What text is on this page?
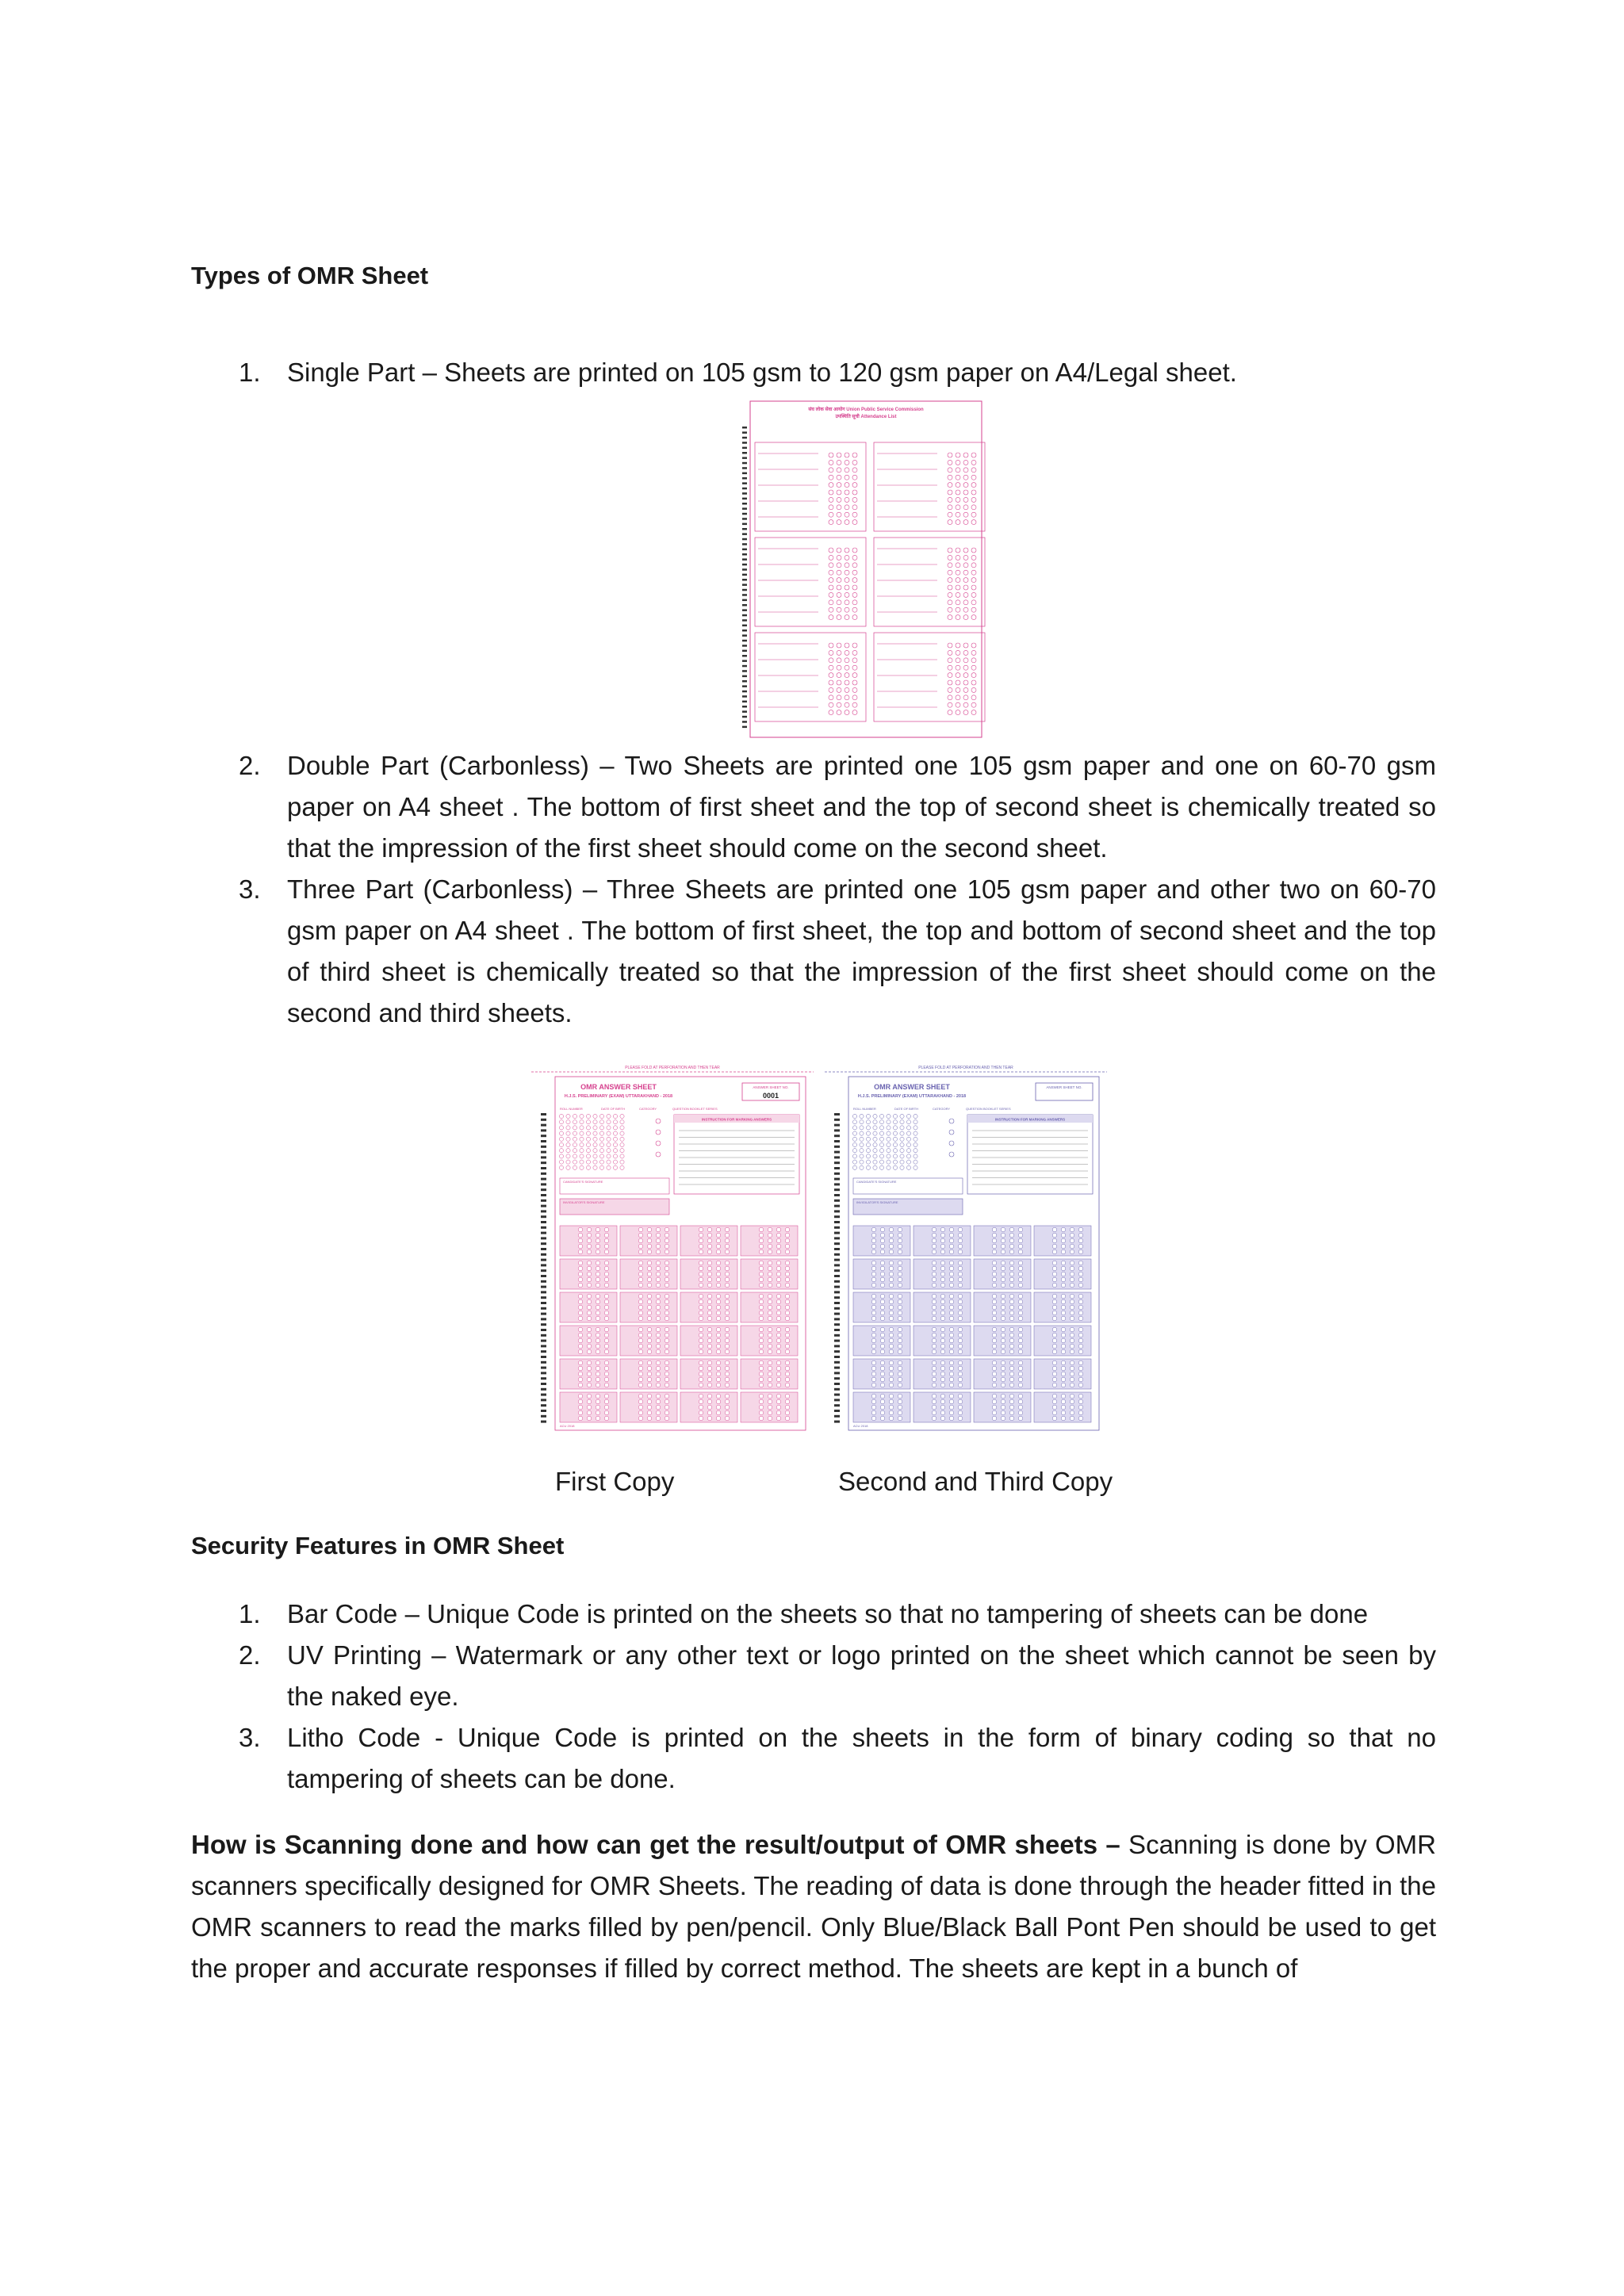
Types of OMR Sheet
1. Single Part – Sheets are printed on 105 gsm to 120 gsm paper on A4/Legal sheet.
संघ लोक सेवा आयोग Union Public Service Commission
उपस्थिति सूची Attendance List
2. Double Part (Carbonless) – Two Sheets are printed one 105 gsm paper and one on 60-70 gsm paper on A4 sheet . The bottom of first sheet and the top of second sheet is chemically treated so that the impression of the first sheet should come on the second sheet.
3. Three Part (Carbonless) – Three Sheets are printed one 105 gsm paper and other two on 60-70 gsm paper on A4 sheet . The bottom of first sheet, the top and bottom of second sheet and the top of third sheet is chemically treated so that the impression of the first sheet should come on the second and third sheets.
PLEASE FOLD AT PERFORATION AND THEN TEAR
OMR ANSWER SHEET
H.J.S. PRELIMINARY (EXAM) UTTARAKHAND - 2018
ANSWER SHEET NO.
0001
ROLL NUMBER	DATE OF BIRTH	CATEGORY	QUESTION BOOKLET SERIES
INSTRUCTION FOR MARKING ANSWERS
CANDIDATE'S SIGNATURE
INVIGILATOR'S SIGNATURE
ACU 2018
PLEASE FOLD AT PERFORATION AND THEN TEAR
OMR ANSWER SHEET
H.J.S. PRELIMINARY (EXAM) UTTARAKHAND - 2018
ANSWER SHEET NO.
ROLL NUMBER	DATE OF BIRTH	CATEGORY	QUESTION BOOKLET SERIES
INSTRUCTION FOR MARKING ANSWERS
CANDIDATE'S SIGNATURE
INVIGILATOR'S SIGNATURE
ACU 2018
First Copy	Second and Third Copy
Security Features in OMR Sheet
1. Bar Code – Unique Code is printed on the sheets so that no tampering of sheets can be done
2. UV Printing – Watermark or any other text or logo printed on the sheet which cannot be seen by the naked eye.
3. Litho Code - Unique Code is printed on the sheets in the form of binary coding so that no tampering of sheets can be done.

How is Scanning done and how can get the result/output of OMR sheets – Scanning is done by OMR scanners specifically designed for OMR Sheets. The reading of data is done through the header fitted in the OMR scanners to read the marks filled by pen/pencil. Only Blue/Black Ball Pont Pen should be used to get the proper and accurate responses if filled by correct method. The sheets are kept in a bunch of
